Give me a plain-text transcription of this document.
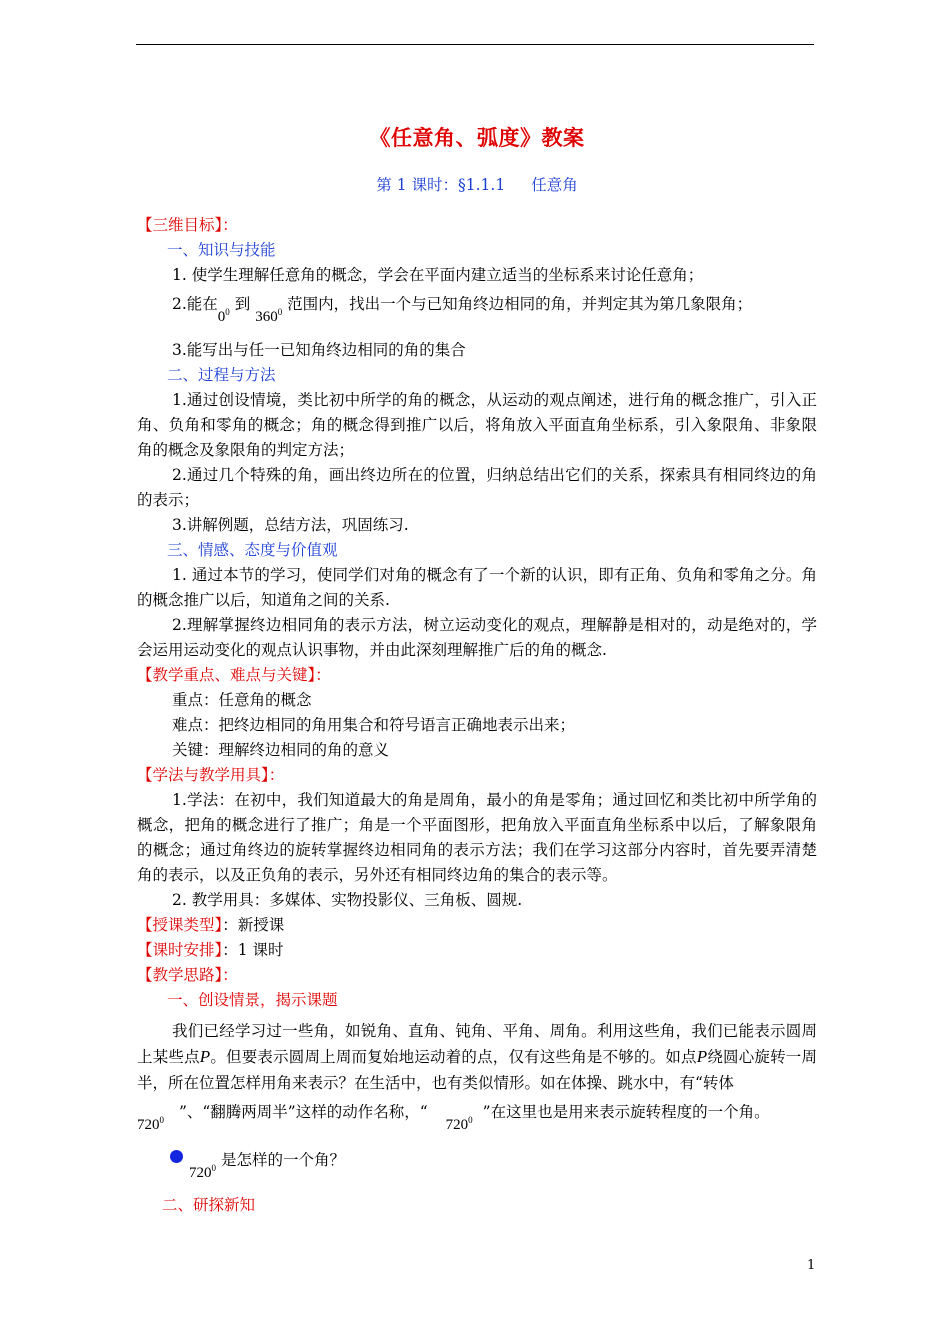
《任意角、弧度》教案
第 1 课时：§1.1.1 任意角
【三维目标】：
一、知识与技能
1. 使学生理解任意角的概念，学会在平面内建立适当的坐标系来讨论任意角；
2.能在$0^0$ 到 $360^0$ 范围内，找出一个与已知角终边相同的角，并判定其为第几象限角；
3.能写出与任一已知角终边相同的角的集合
二、过程与方法
1.通过创设情境，类比初中所学的角的概念，从运动的观点阐述，进行角的概念推广，引入正角、负角和零角的概念；角的概念得到推广以后，将角放入平面直角坐标系，引入象限角、非象限角的概念及象限角的判定方法；
2.通过几个特殊的角，画出终边所在的位置，归纳总结出它们的关系，探索具有相同终边的角的表示；
3.讲解例题，总结方法，巩固练习.
三、情感、态度与价值观
1. 通过本节的学习，使同学们对角的概念有了一个新的认识，即有正角、负角和零角之分。角的概念推广以后，知道角之间的关系.
2.理解掌握终边相同角的表示方法，树立运动变化的观点，理解静是相对的，动是绝对的，学会运用运动变化的观点认识事物，并由此深刻理解推广后的角的概念.
【教学重点、难点与关键】：
重点：任意角的概念
难点：把终边相同的角用集合和符号语言正确地表示出来；
关键：理解终边相同的角的意义
【学法与教学用具】：
1.学法：在初中，我们知道最大的角是周角，最小的角是零角；通过回忆和类比初中所学角的概念，把角的概念进行了推广；角是一个平面图形，把角放入平面直角坐标系中以后，了解象限角的概念；通过角终边的旋转掌握终边相同角的表示方法；我们在学习这部分内容时，首先要弄清楚角的表示，以及正负角的表示，另外还有相同终边角的集合的表示等。
2. 教学用具：多媒体、实物投影仪、三角板、圆规.
【授课类型】：新授课
【课时安排】：1 课时
【教学思路】：
一、创设情景，揭示课题
我们已经学习过一些角，如锐角、直角、钝角、平角、周角。利用这些角，我们已能表示圆周上某些点P。但要表示圆周上周而复始地运动着的点，仅有这些角是不够的。如点P绕圆心旋转一周半，所在位置怎样用角来表示？在生活中，也有类似情形。如在体操、跳水中，有“转体
$720^0$ ”、“翻腾两周半”这样的动作名称，“$720^0$ ”在这里也是用来表示旋转程度的一个角。
$720^0$ 是怎样的一个角？
二、研探新知
1
